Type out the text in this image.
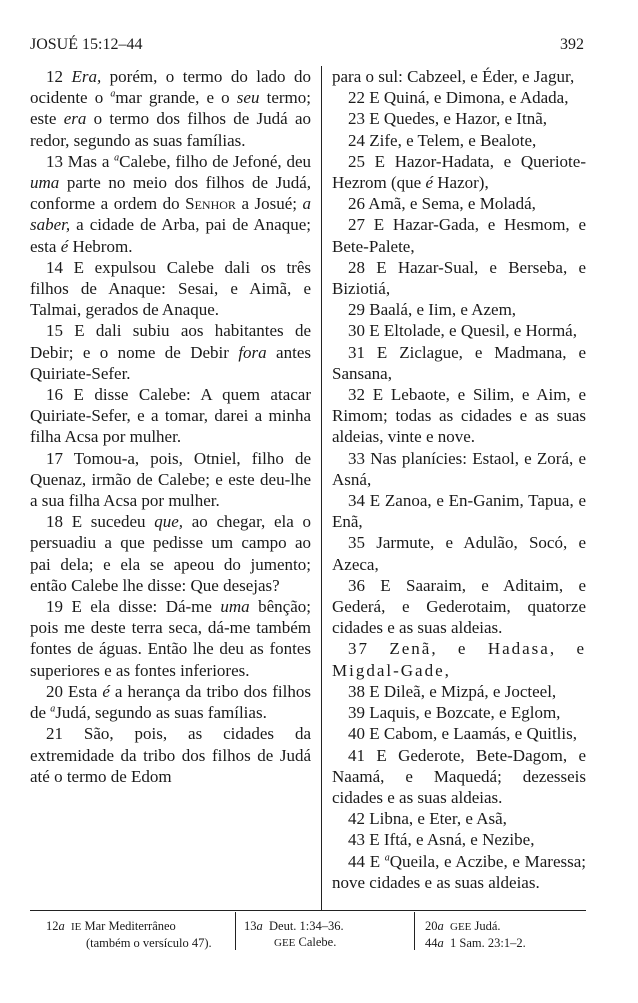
JOSUÉ 15:12–44	392

12 Era, porém, o termo do lado do ocidente o $^a$mar grande, e o seu termo; este era o termo dos filhos de Judá ao redor, segundo as suas famílias.

13 Mas a $^a$Calebe, filho de Jefoné, deu uma parte no meio dos filhos de Judá, conforme a ordem do Senhor a Josué; a saber, a cidade de Arba, pai de Anaque; esta é Hebrom.

14 E expulsou Calebe dali os três filhos de Anaque: Sesai, e Aimã, e Talmai, gerados de Anaque.

15 E dali subiu aos habitantes de Debir; e o nome de Debir fora antes Quiriate-Sefer.

16 E disse Calebe: A quem atacar Quiriate-Sefer, e a tomar, darei a minha filha Acsa por mulher.

17 Tomou-a, pois, Otniel, filho de Quenaz, irmão de Calebe; e este deu-lhe a sua filha Acsa por mulher.

18 E sucedeu que, ao chegar, ela o persuadiu a que pedisse um campo ao pai dela; e ela se apeou do jumento; então Calebe lhe disse: Que desejas?

19 E ela disse: Dá-me uma bênção; pois me deste terra seca, dá-me também fontes de águas. Então lhe deu as fontes superiores e as fontes inferiores.

20 Esta é a herança da tribo dos filhos de $^a$Judá, segundo as suas famílias.

21 São, pois, as cidades da extremidade da tribo dos filhos de Judá até o termo de Edom

para o sul: Cabzeel, e Éder, e Jagur,

22 E Quiná, e Dimona, e Adada,

23 E Quedes, e Hazor, e Itnã,

24 Zife, e Telem, e Bealote,

25 E Hazor-Hadata, e Queriote-Hezrom (que é Hazor),

26 Amã, e Sema, e Moladá,

27 E Hazar-Gada, e Hesmom, e Bete-Palete,

28 E Hazar-Sual, e Berseba, e Biziotiá,

29 Baalá, e Iim, e Azem,

30 E Eltolade, e Quesil, e Hormá,

31 E Ziclague, e Madmana, e Sansana,

32 E Lebaote, e Silim, e Aim, e Rimom; todas as cidades e as suas aldeias, vinte e nove.

33 Nas planícies: Estaol, e Zorá, e Asná,

34 E Zanoa, e En-Ganim, Tapua, e Enã,

35 Jarmute, e Adulão, Socó, e Azeca,

36 E Saaraim, e Aditaim, e Gederá, e Gederotaim, quatorze cidades e as suas aldeias.

37 Zenã, e Hadasa, e Migdal-Gade,

38 E Dileã, e Mizpá, e Jocteel,

39 Laquis, e Bozcate, e Eglom,

40 E Cabom, e Laamás, e Quitlis,

41 E Gederote, Bete-Dagom, e Naamá, e Maquedá; dezesseis cidades e as suas aldeias.

42 Libna, e Eter, e Asã,

43 E Iftá, e Asná, e Nezibe,

44 E $^a$Queila, e Aczibe, e Maressa; nove cidades e as suas aldeias.

12a IE Mar Mediterrâneo
(também o versículo 47).
13a Deut. 1:34–36.
GEE Calebe.
20a GEE Judá.
44a 1 Sam. 23:1–2.
